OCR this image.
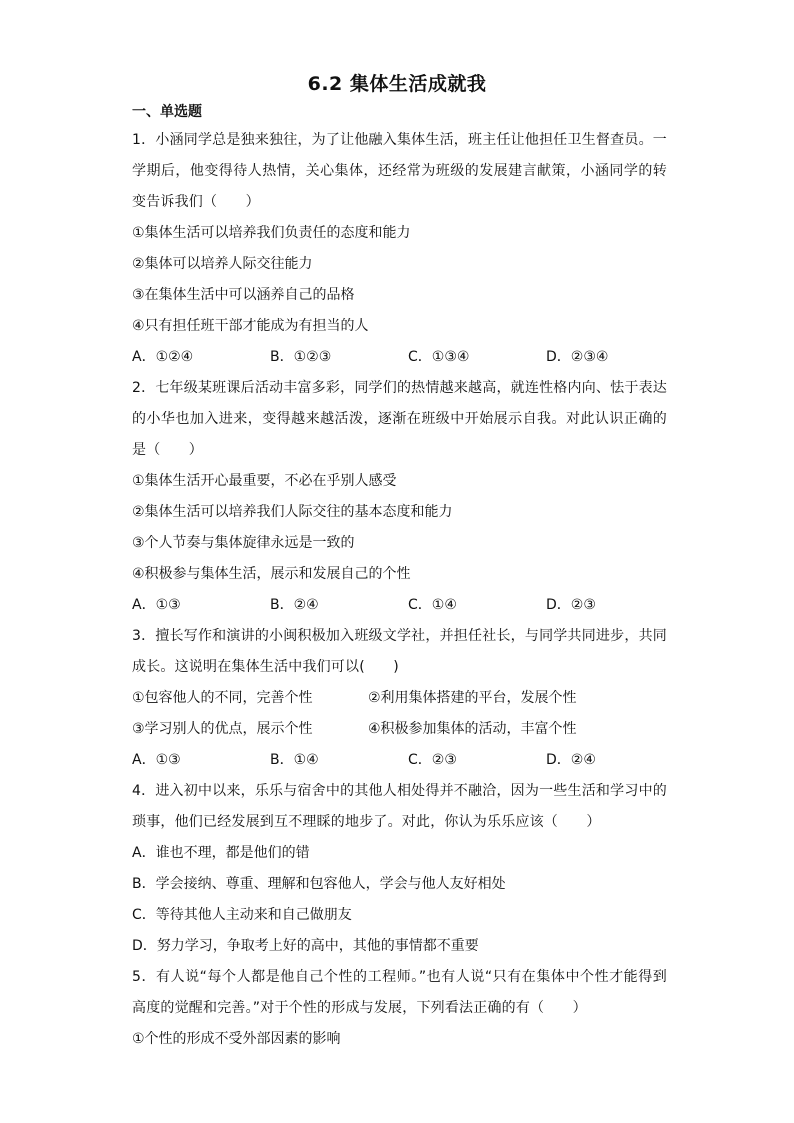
6.2 集体生活成就我
一、单选题
1．小涵同学总是独来独往，为了让他融入集体生活，班主任让他担任卫生督查员。一学期后，他变得待人热情，关心集体，还经常为班级的发展建言献策，小涵同学的转变告诉我们（　　）
①集体生活可以培养我们负责任的态度和能力
②集体可以培养人际交往能力
③在集体生活中可以涵养自己的品格
④只有担任班干部才能成为有担当的人
A．①②④	B．①②③	C．①③④	D．②③④
2．七年级某班课后活动丰富多彩，同学们的热情越来越高，就连性格内向、怯于表达的小华也加入进来，变得越来越活泼，逐渐在班级中开始展示自我。对此认识正确的是（　　）
①集体生活开心最重要，不必在乎别人感受
②集体生活可以培养我们人际交往的基本态度和能力
③个人节奏与集体旋律永远是一致的
④积极参与集体生活，展示和发展自己的个性
A．①③	B．②④	C．①④	D．②③
3．擅长写作和演讲的小闽积极加入班级文学社，并担任社长，与同学共同进步，共同成长。这说明在集体生活中我们可以(　　)
①包容他人的不同，完善个性	②利用集体搭建的平台，发展个性
③学习别人的优点，展示个性	④积极参加集体的活动，丰富个性
A．①③	B．①④	C．②③	D．②④
4．进入初中以来，乐乐与宿舍中的其他人相处得并不融洽，因为一些生活和学习中的琐事，他们已经发展到互不理睬的地步了。对此，你认为乐乐应该（　　）
A．谁也不理，都是他们的错
B．学会接纳、尊重、理解和包容他人，学会与他人友好相处
C．等待其他人主动来和自己做朋友
D．努力学习，争取考上好的高中，其他的事情都不重要
5．有人说“每个人都是他自己个性的工程师。”也有人说“只有在集体中个性才能得到高度的觉醒和完善。”对于个性的形成与发展，下列看法正确的有（　　）
①个性的形成不受外部因素的影响
